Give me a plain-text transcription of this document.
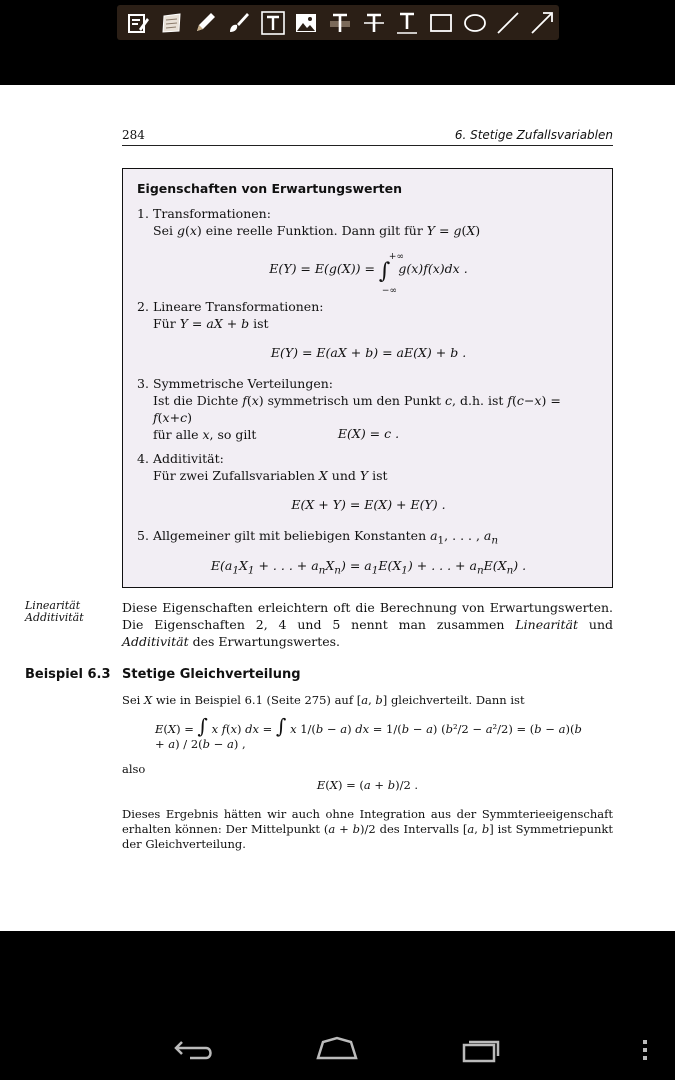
284	6. Stetige Zufallsvariablen
Eigenschaften von Erwartungswerten
1. Transformationen:
Sei g(x) eine reelle Funktion. Dann gilt für Y = g(X)
E(Y) = E(g(X)) = ∫
+∞
−∞
g(x)f(x)dx .
2. Lineare Transformationen:
Für Y = aX + b ist
E(Y) = E(aX + b) = aE(X) + b .
3. Symmetrische Verteilungen:
Ist die Dichte f(x) symmetrisch um den Punkt c, d.h. ist f(c−x) = f(x+c)
für alle x, so gilt	E(X) = c .
4. Additivität:
Für zwei Zufallsvariablen X und Y ist
E(X + Y) = E(X) + E(Y) .
5. Allgemeiner gilt mit beliebigen Konstanten $a_1$, . . . , $a_n$
$E(a_1X_1$ + . . . + $a_nX_n) = a_1E(X_1)$ + . . . + $a_nE(X_n)$ .
Linearität
Additivität
Diese Eigenschaften erleichtern oft die Berechnung von Erwartungswerten. Die Eigenschaften 2, 4 und 5 nennt man zusammen Linearität und Additivität des Erwartungswertes.
Beispiel 6.3 Stetige Gleichverteilung
Sei X wie in Beispiel 6.1 (Seite 275) auf [a, b] gleichverteilt. Dann ist
E(X) = ∫ x f(x) dx = ∫ x 1/(b − a) dx = 1/(b − a) (b²/2 − a²/2) = (b − a)(b + a) / 2(b − a) ,
also
E(X) = (a + b)/2 .
Dieses Ergebnis hätten wir auch ohne Integration aus der Symmterieeigenschaft erhalten können: Der Mittelpunkt (a + b)/2 des Intervalls [a, b] ist Symmetriepunkt der Gleichverteilung.
